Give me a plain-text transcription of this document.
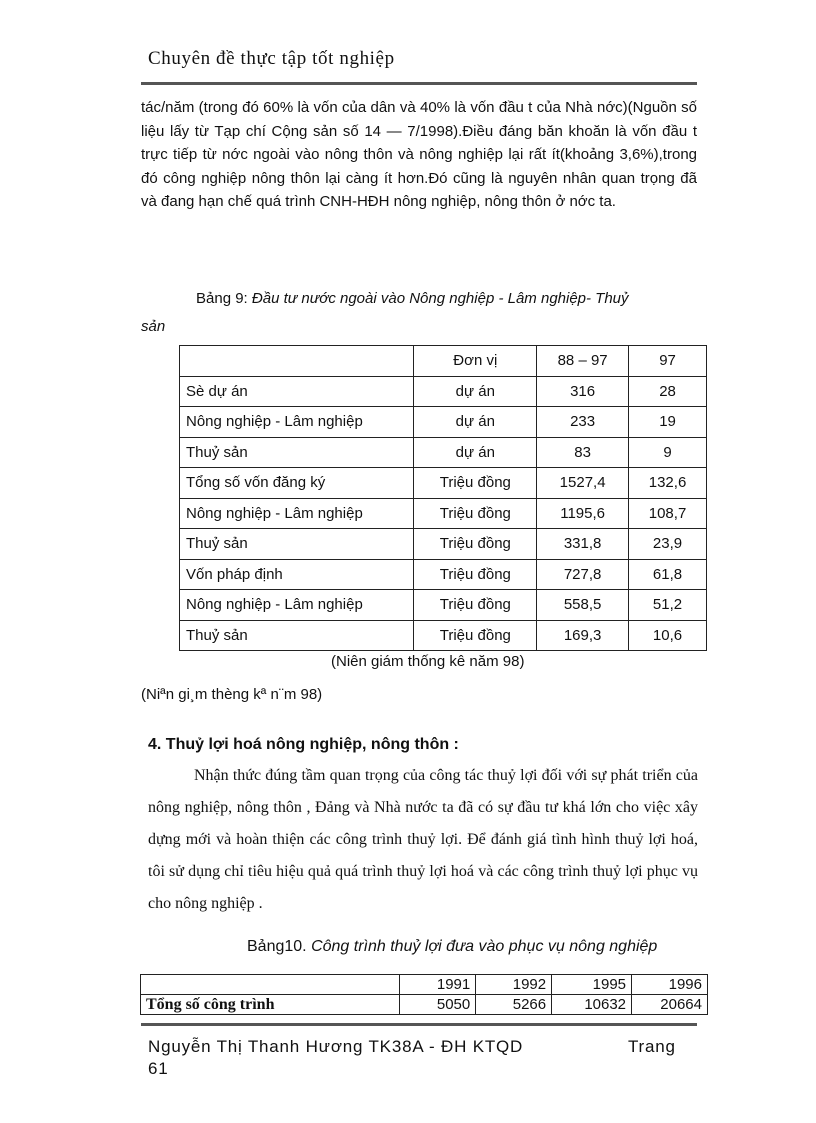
Chuyên đề thực tập tốt nghiệp
tác/năm (trong đó 60% là vốn của dân và 40% là vốn đầu t của Nhà nớc)(Nguồn số liệu lấy từ Tạp chí Cộng sản số 14 — 7/1998).Điều đáng băn khoăn là vốn đầu t trực tiếp từ nớc ngoài vào nông thôn và nông nghiệp lại rất ít(khoảng 3,6%),trong đó công nghiệp nông thôn lại càng ít hơn.Đó cũng là nguyên nhân quan trọng đã và đang hạn chế quá trình CNH-HĐH nông nghiệp, nông thôn ở nớc ta.
Bảng 9: Đầu tư nước ngoài vào Nông nghiệp - Lâm nghiệp- Thuỷ
sản
	Đơn vị	88 – 97	97
Sè dự án	dự án	316	28
Nông nghiệp - Lâm nghiệp	dự án	233	19
Thuỷ sản	dự án	83	9
Tổng số vốn đăng ký	Triệu đồng	1527,4	132,6
Nông nghiệp - Lâm nghiệp	Triệu đồng	1195,6	108,7
Thuỷ sản	Triệu đồng	331,8	23,9
Vốn pháp định	Triệu đồng	727,8	61,8
Nông nghiệp - Lâm nghiệp	Triệu đồng	558,5	51,2
Thuỷ sản	Triệu đồng	169,3	10,6
(Niên giám thống kê năm 98)
(Niªn gi¸m thèng kª n¨m 98)
4. Thuỷ lợi hoá nông nghiệp, nông thôn :
Nhận thức đúng tầm quan trọng của công tác thuỷ lợi đối với sự phát triển của nông nghiệp, nông thôn , Đảng và Nhà nước ta đã có sự đầu tư khá lớn cho việc xây dựng mới và hoàn thiện các công trình thuỷ lợi. Để đánh giá tình hình thuỷ lợi hoá, tôi sử dụng chỉ tiêu hiệu quả quá trình thuỷ lợi hoá và các công trình thuỷ lợi phục vụ cho nông nghiệp .
Bảng10. Công trình thuỷ lợi đưa vào phục vụ nông nghiệp
	1991	1992	1995	1996
Tổng số công trình	5050	5266	10632	20664
Nguyễn Thị Thanh Hương TK38A - ĐH KTQD	Trang
61
